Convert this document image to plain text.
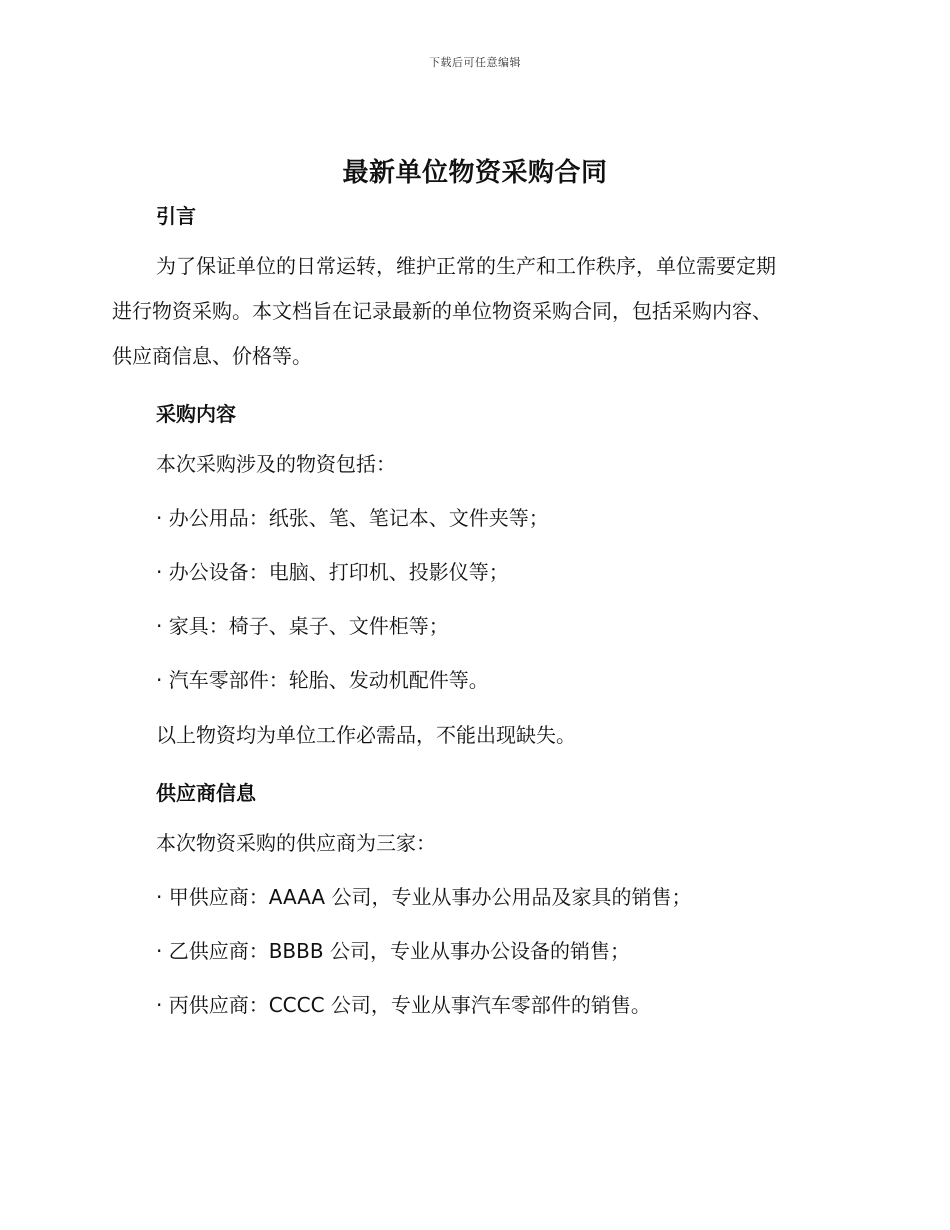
下载后可任意编辑
最新单位物资采购合同
引言
为了保证单位的日常运转，维护正常的生产和工作秩序，单位需要定期
进行物资采购。本文档旨在记录最新的单位物资采购合同，包括采购内容、
供应商信息、价格等。
采购内容
本次采购涉及的物资包括：
· 办公用品：纸张、笔、笔记本、文件夹等；
· 办公设备：电脑、打印机、投影仪等；
· 家具：椅子、桌子、文件柜等；
· 汽车零部件：轮胎、发动机配件等。
以上物资均为单位工作必需品，不能出现缺失。
供应商信息
本次物资采购的供应商为三家：
· 甲供应商：AAAA 公司，专业从事办公用品及家具的销售；
· 乙供应商：BBBB 公司，专业从事办公设备的销售；
· 丙供应商：CCCC 公司，专业从事汽车零部件的销售。
